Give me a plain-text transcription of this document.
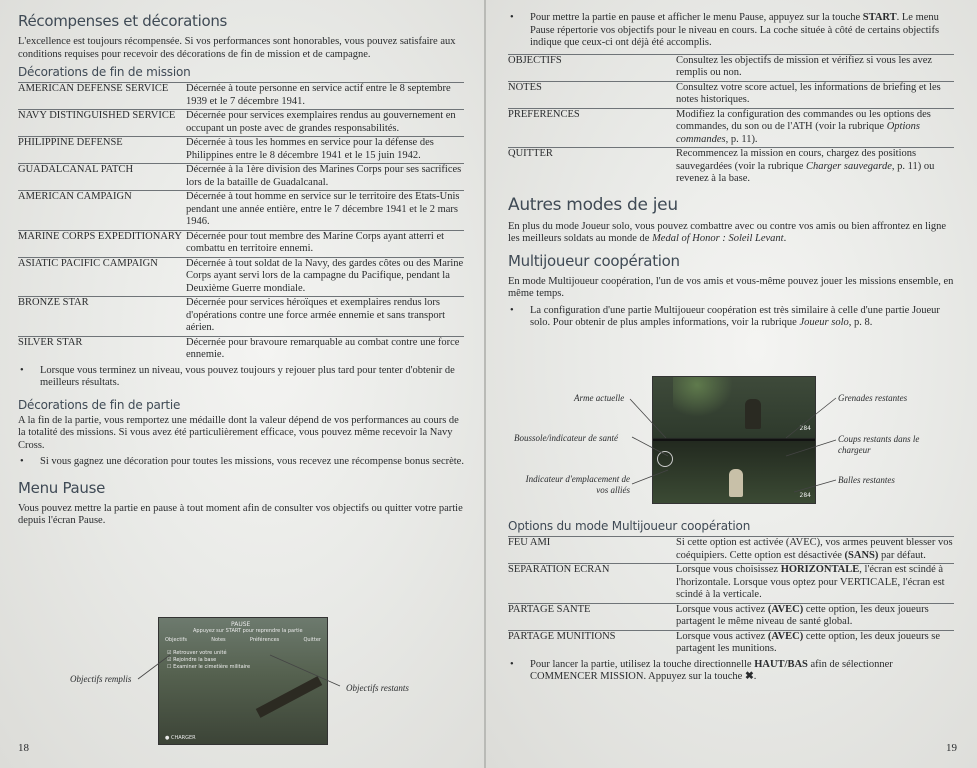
Récompenses et décorations

L'excellence est toujours récompensée. Si vos performances sont honorables, vous pouvez satisfaire aux conditions requises pour recevoir des décorations de fin de mission et de campagne.

Décorations de fin de mission
AMERICAN DEFENSE SERVICE	Décernée à toute personne en service actif entre le 8 septembre 1939 et le 7 décembre 1941.
NAVY DISTINGUISHED SERVICE	Décernée pour services exemplaires rendus au gouvernement en occupant un poste avec de grandes responsabilités.
PHILIPPINE DEFENSE	Décernée à tous les hommes en service pour la défense des Philippines entre le 8 décembre 1941 et le 15 juin 1942.
GUADALCANAL PATCH	Décernée à la 1ère division des Marines Corps pour ses sacrifices lors de la bataille de Guadalcanal.
AMERICAN CAMPAIGN	Décernée à tout homme en service sur le territoire des Etats-Unis pendant une année entière, entre le 7 décembre 1941 et le 2 mars 1946.
MARINE CORPS EXPEDITIONARY	Décernée pour tout membre des Marine Corps ayant atterri et combattu en territoire ennemi.
ASIATIC PACIFIC CAMPAIGN	Décernée à tout soldat de la Navy, des gardes côtes ou des Marine Corps ayant servi lors de la campagne du Pacifique, pendant la Deuxième Guerre mondiale.
BRONZE STAR	Décernée pour services héroïques et exemplaires rendus lors d'opérations contre une force armée ennemie et sans transport aérien.
SILVER STAR	Décernée pour bravoure remarquable au combat contre une force ennemie.
• Lorsque vous terminez un niveau, vous pouvez toujours y rejouer plus tard pour tenter d'obtenir de meilleurs résultats.
Décorations de fin de partie

A la fin de la partie, vous remportez une médaille dont la valeur dépend de vos performances au cours de la totalité des missions. Si vous avez été particulièrement efficace, vous pouvez même recevoir la Navy Cross.

• Si vous gagnez une décoration pour toutes les missions, vous recevez une récompense bonus secrète.
Menu Pause

Vous pouvez mettre la partie en pause à tout moment afin de consulter vos objectifs ou quitter votre partie depuis l'écran Pause.

PAUSE
Appuyez sur START pour reprendre la partie
Objectifs	Notes	Préférences	Quitter
☑ Retrouver votre unité
☑ Rejoindre la base
☐ Examiner le cimetière militaire
● CHARGER
Objectifs remplis
Objectifs restants
18
• Pour mettre la partie en pause et afficher le menu Pause, appuyez sur la touche START. Le menu Pause répertorie vos objectifs pour le niveau en cours. La coche située à côté de certains objectifs indique que ceux-ci ont déjà été accomplis.
OBJECTIFS	Consultez les objectifs de mission et vérifiez si vous les avez remplis ou non.
NOTES	Consultez votre score actuel, les informations de briefing et les notes historiques.
PREFERENCES	Modifiez la configuration des commandes ou les options des commandes, du son ou de l'ATH (voir la rubrique Options commandes, p. 11).
QUITTER	Recommencez la mission en cours, chargez des positions sauvegardées (voir la rubrique Charger sauvegarde, p. 11) ou revenez à la base.
Autres modes de jeu

En plus du mode Joueur solo, vous pouvez combattre avec ou contre vos amis ou bien affrontez en ligne les meilleurs soldats au monde de Medal of Honor : Soleil Levant.

Multijoueur coopération

En mode Multijoueur coopération, l'un de vos amis et vous-même pouvez jouer les missions ensemble, en même temps.

• La configuration d'une partie Multijoueur coopération est très similaire à celle d'une partie Joueur solo. Pour obtenir de plus amples informations, voir la rubrique Joueur solo, p. 8.
284
284
Arme actuelle
Boussole/indicateur de santé
Indicateur d'emplacement de vos alliés
Grenades restantes
Coups restants dans le chargeur
Balles restantes
Options du mode Multijoueur coopération
FEU AMI	Si cette option est activée (AVEC), vos armes peuvent blesser vos coéquipiers. Cette option est désactivée (SANS) par défaut.
SEPARATION ECRAN	Lorsque vous choisissez HORIZONTALE, l'écran est scindé à l'horizontale. Lorsque vous optez pour VERTICALE, l'écran est scindé à la verticale.
PARTAGE SANTE	Lorsque vous activez (AVEC) cette option, les deux joueurs partagent le même niveau de santé global.
PARTAGE MUNITIONS	Lorsque vous activez (AVEC) cette option, les deux joueurs se partagent les munitions.
• Pour lancer la partie, utilisez la touche directionnelle HAUT/BAS afin de sélectionner COMMENCER MISSION. Appuyez sur la touche ✖.
19
